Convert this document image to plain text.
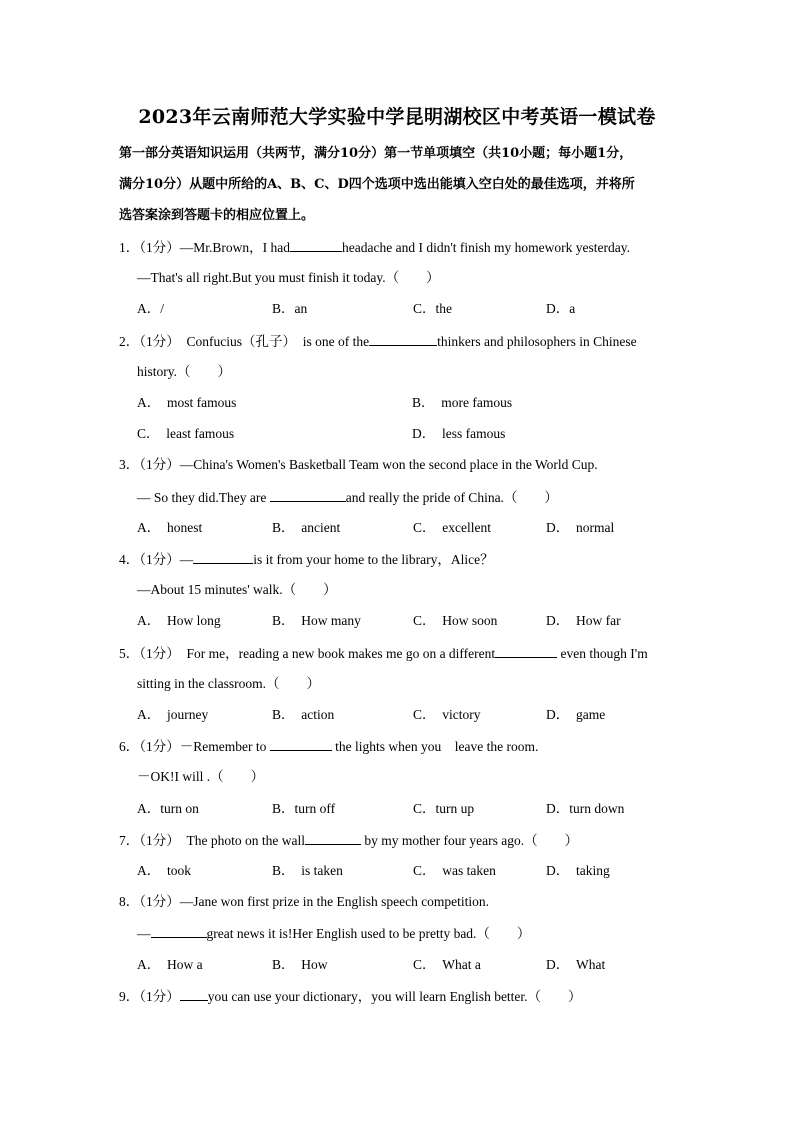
2023年云南师范大学实验中学昆明湖校区中考英语一模试卷
第一部分英语知识运用（共两节，满分10分）第一节单项填空（共10小题；每小题1分，
满分10分）从题中所给的A、B、C、D四个选项中选出能填入空白处的最佳选项，并将所
选答案涂到答题卡的相应位置上。
1．（1分）—Mr.Brown，I had	headache and I didn't finish my homework yesterday.
—That's all right.But you must finish it today.（　　）
A．/	B．an	C．the	D．a
2．（1分）　Confucius（孔子）　is one of the	thinkers and philosophers in Chinese
history.（　　）
A．　most famous	B．　more famous
C．　least famous	D．　less famous
3．（1分）—China's Women's Basketball Team won the second place in the World Cup.
— So they did.They are	and really the pride of China.（　　）
A．　honest	B．　ancient	C．　excellent	D．　normal
4．（1分）—	is it from your home to the library，Alice？
—About 15 minutes' walk.（　　）
A．　How long	B．　How many	C．　How soon	D．　How far
5．（1分）　For me，reading a new book makes me go on a different	even though I'm
sitting in the classroom.（　　）
A．　journey	B．　action	C．　victory	D．　game
6．（1分）－Remember to	the lights when you　leave the room.
－OK!I will .（　　）
A．turn on	B．turn off	C．turn up	D．turn down
7．（1分）　The photo on the wall	by my mother four years ago.（　　）
A．　took	B．　is taken	C．　was taken	D．　taking
8．（1分）—Jane won first prize in the English speech competition.
—	great news it is!Her English used to be pretty bad.（　　）
A．　How a	B．　How	C．　What a	D．　What
9．（1分） you can use your dictionary，you will learn English better.（　　）
